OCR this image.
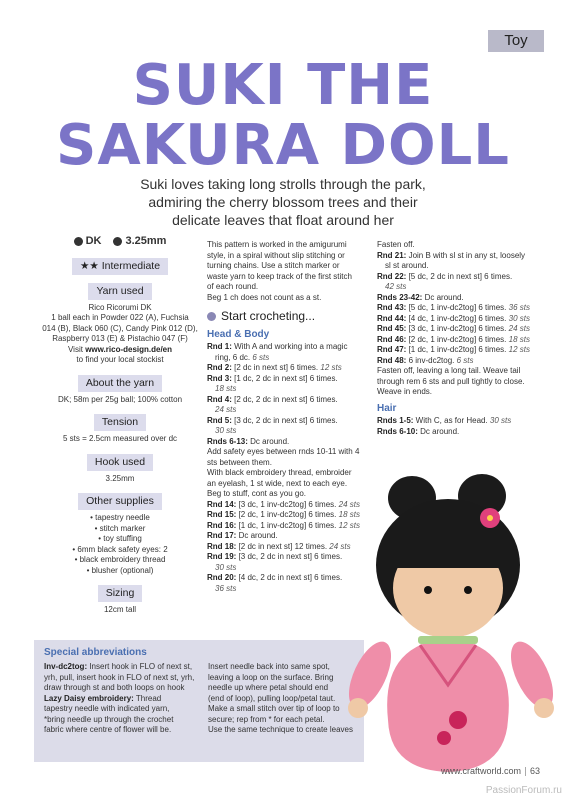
Toy
SUKI THE
SAKURA DOLL
Suki loves taking long strolls through the park, admiring the cherry blossom trees and their delicate leaves that float around her
DK 3.25mm
★★ Intermediate
Yarn used
Rico Ricorumi DK
1 ball each in Powder 022 (A), Fuchsia
014 (B), Black 060 (C), Candy Pink 012 (D),
Raspberry 013 (E) & Pistachio 047 (F)
Visit www.rico-design.de/en
to find your local stockist
About the yarn
DK; 58m per 25g ball; 100% cotton
Tension
5 sts = 2.5cm measured over dc
Hook used
3.25mm
Other supplies
• tapestry needle
• stitch marker
• toy stuffing
• 6mm black safety eyes: 2
• black embroidery thread
• blusher (optional)
Sizing
12cm tall

This pattern is worked in the amigurumi

style, in a spiral without slip stitching or

turning chains. Use a stitch marker or

waste yarn to keep track of the first stitch

of each round.

Beg 1 ch does not count as a st.

Start crocheting...
Head & Body

Rnd 1: With A and working into a magic

ring, 6 dc. 6 sts

Rnd 2: [2 dc in next st] 6 times. 12 sts

Rnd 3: [1 dc, 2 dc in next st] 6 times.

18 sts

Rnd 4: [2 dc, 2 dc in next st] 6 times.

24 sts

Rnd 5: [3 dc, 2 dc in next st] 6 times.

30 sts

Rnds 6-13: Dc around.

Add safety eyes between rnds 10-11 with 4

sts between them.

With black embroidery thread, embroider

an eyelash, 1 st wide, next to each eye.

Beg to stuff, cont as you go.

Rnd 14: [3 dc, 1 inv-dc2tog] 6 times. 24 sts

Rnd 15: [2 dc, 1 inv-dc2tog] 6 times. 18 sts

Rnd 16: [1 dc, 1 inv-dc2tog] 6 times. 12 sts

Rnd 17: Dc around.

Rnd 18: [2 dc in next st] 12 times. 24 sts

Rnd 19: [3 dc, 2 dc in next st] 6 times.

30 sts

Rnd 20: [4 dc, 2 dc in next st] 6 times.

36 sts

Fasten off.

Rnd 21: Join B with sl st in any st, loosely

sl st around.

Rnd 22: [5 dc, 2 dc in next st] 6 times.

42 sts

Rnds 23-42: Dc around.

Rnd 43: [5 dc, 1 inv-dc2tog] 6 times. 36 sts

Rnd 44: [4 dc, 1 inv-dc2tog] 6 times. 30 sts

Rnd 45: [3 dc, 1 inv-dc2tog] 6 times. 24 sts

Rnd 46: [2 dc, 1 inv-dc2tog] 6 times. 18 sts

Rnd 47: [1 dc, 1 inv-dc2tog] 6 times. 12 sts

Rnd 48: 6 inv-dc2tog. 6 sts

Fasten off, leaving a long tail. Weave tail

through rem 6 sts and pull tightly to close.

Weave in ends.

Hair

Rnds 1-5: With C, as for Head. 30 sts

Rnds 6-10: Dc around.

Special abbreviations

Inv-dc2tog: Insert hook in FLO of next st,

yrh, pull, insert hook in FLO of next st, yrh,

draw through st and both loops on hook

Lazy Daisy embroidery: Thread

tapestry needle with indicated yarn,

*bring needle up through the crochet

fabric where centre of flower will be.

Insert needle back into same spot,

leaving a loop on the surface. Bring

needle up where petal should end

(end of loop), pulling loop/petal taut.

Make a small stitch over tip of loop to

secure; rep from * for each petal.

Use the same technique to create leaves

www.craftworld.com 63
PassionForum.ru
